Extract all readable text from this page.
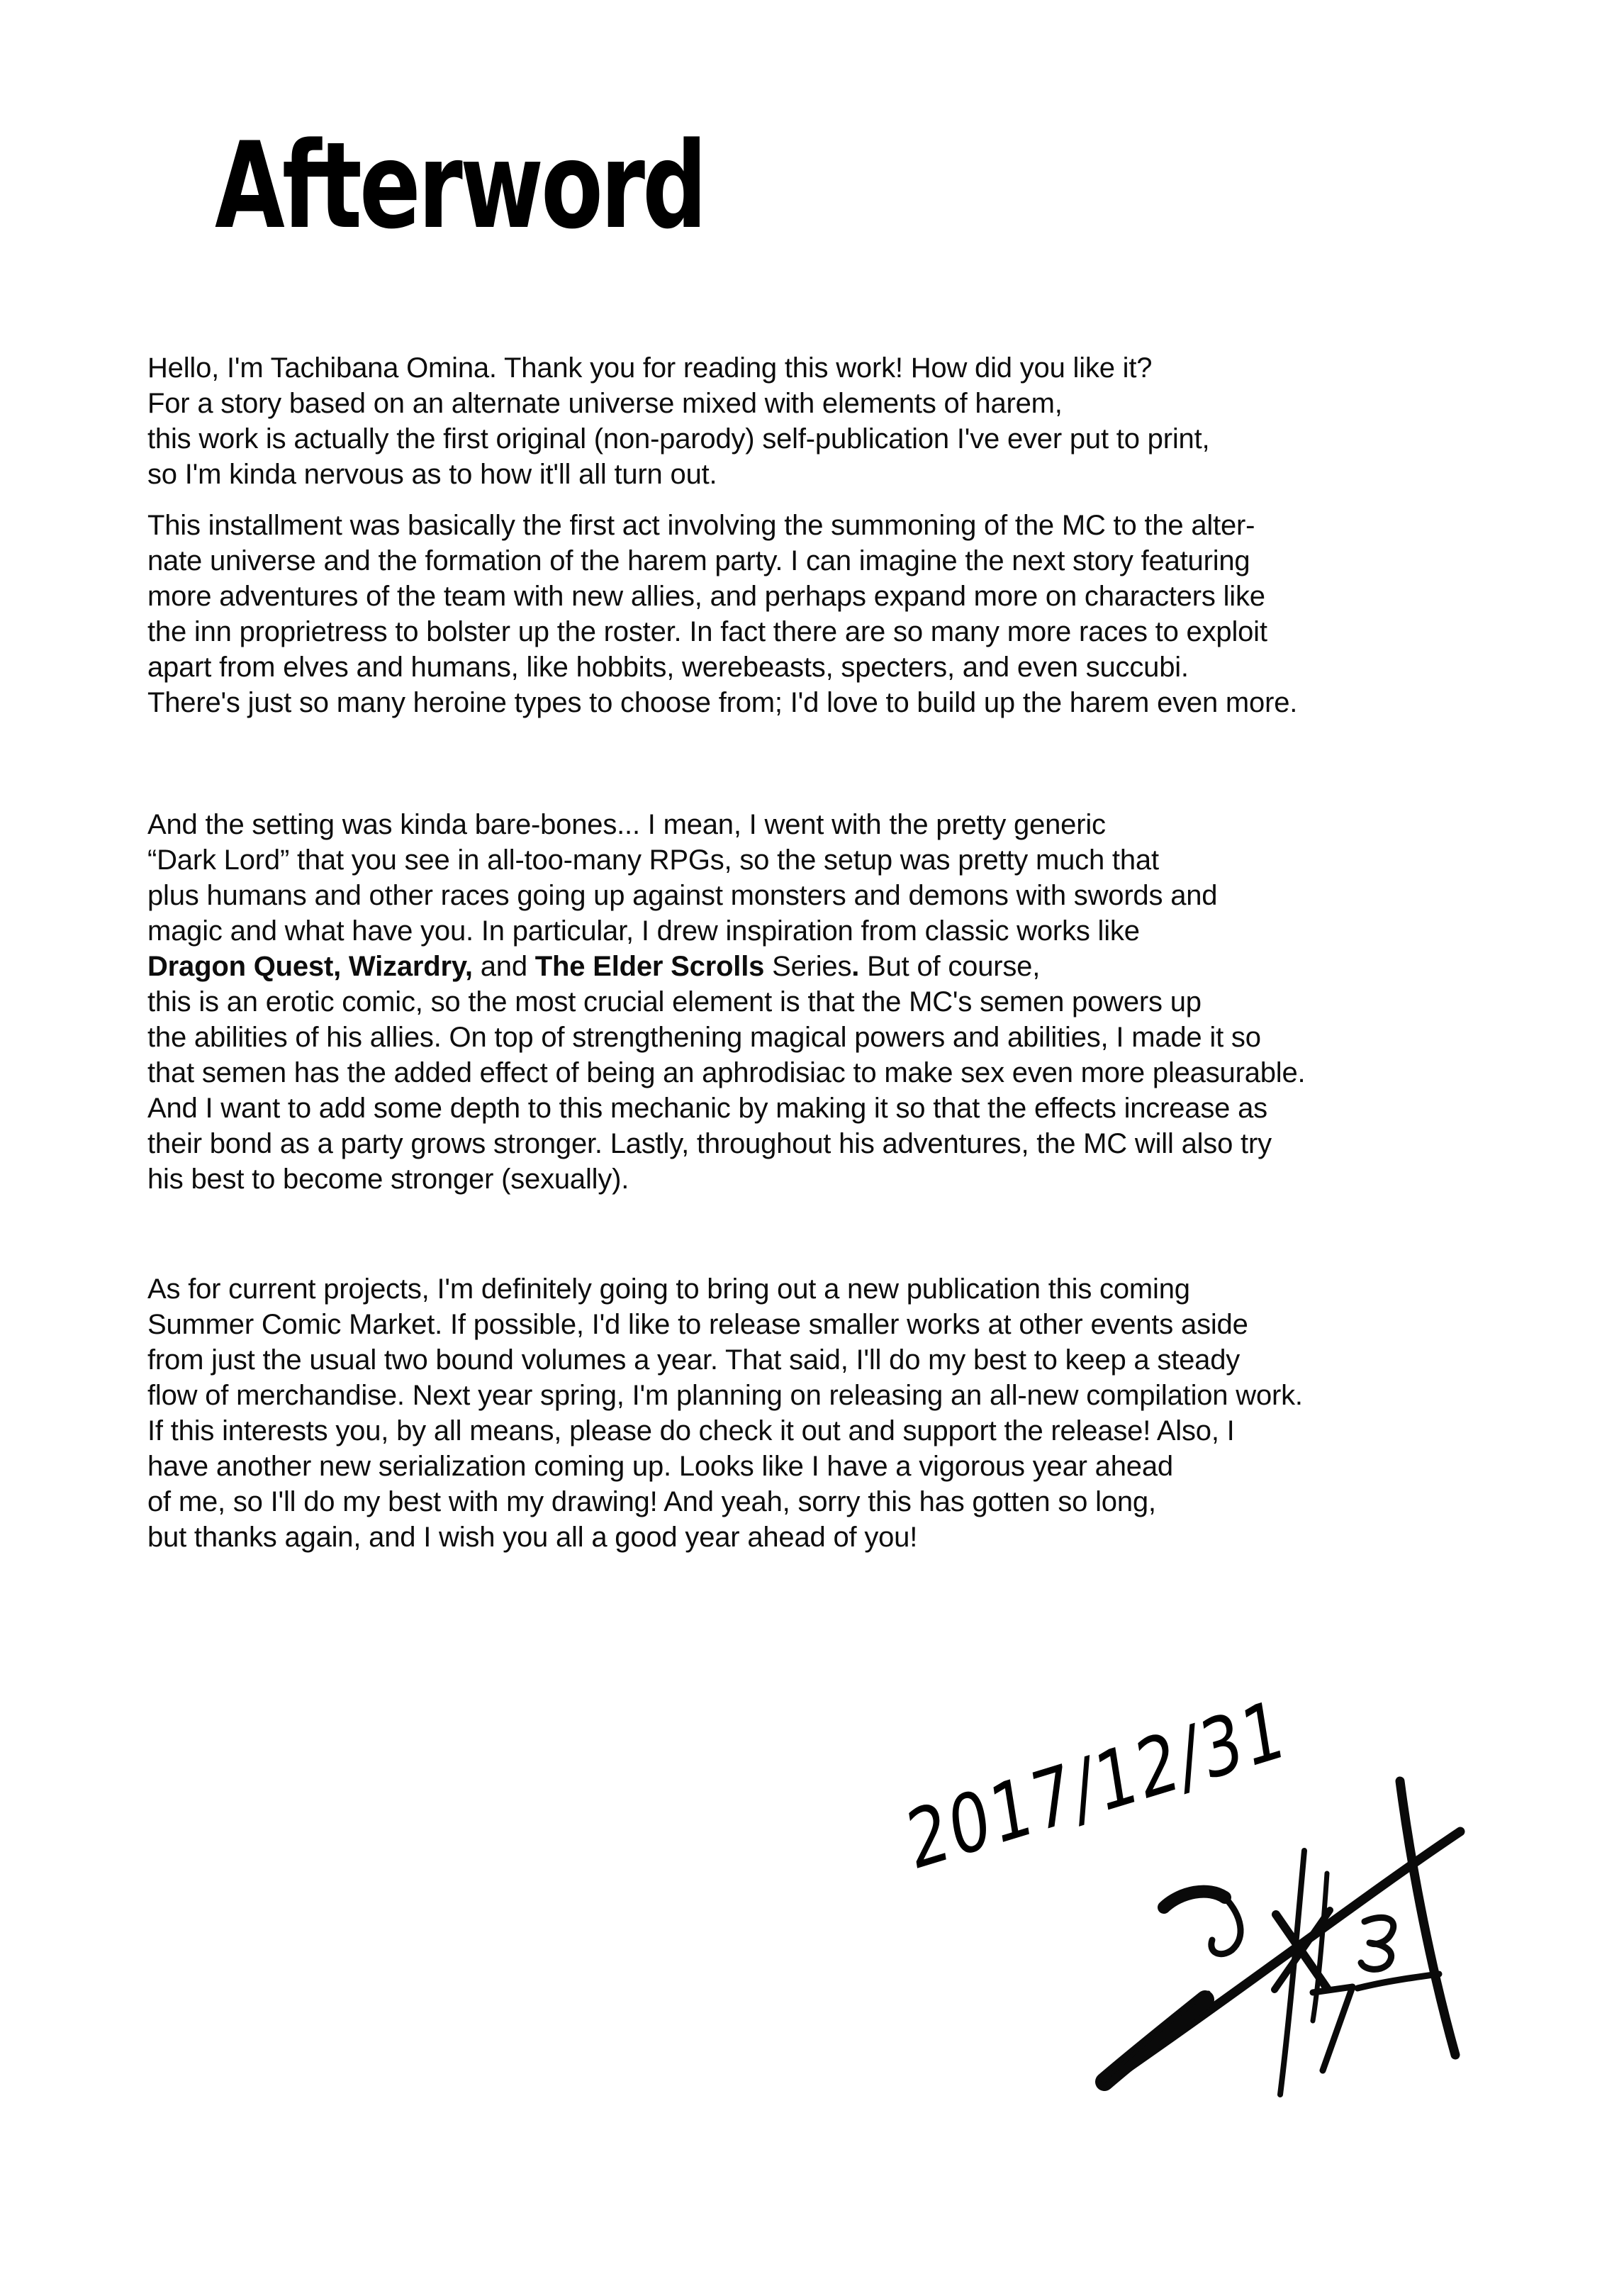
Afterword
Hello, I'm Tachibana Omina. Thank you for reading this work! How did you like it?
For a story based on an alternate universe mixed with elements of harem,
this work is actually the first original (non-parody) self-publication I've ever put to print,
so I'm kinda nervous as to how it'll all turn out.
This installment was basically the first act involving the summoning of the MC to the alter-
nate universe and the formation of the harem party. I can imagine the next story featuring
more adventures of the team with new allies, and perhaps expand more on characters like
the inn proprietress to bolster up the roster. In fact there are so many more races to exploit
apart from elves and humans, like hobbits, werebeasts, specters, and even succubi.
There's just so many heroine types to choose from; I'd love to build up the harem even more.
And the setting was kinda bare-bones... I mean, I went with the pretty generic
“Dark Lord” that you see in all-too-many RPGs, so the setup was pretty much that
plus humans and other races going up against monsters and demons with swords and
magic and what have you. In particular, I drew inspiration from classic works like
Dragon Quest, Wizardry, and The Elder Scrolls Series. But of course,
this is an erotic comic, so the most crucial element is that the MC's semen powers up
the abilities of his allies. On top of strengthening magical powers and abilities, I made it so
that semen has the added effect of being an aphrodisiac to make sex even more pleasurable.
And I want to add some depth to this mechanic by making it so that the effects increase as
their bond as a party grows stronger. Lastly, throughout his adventures, the MC will also try
his best to become stronger (sexually).
As for current projects, I'm definitely going to bring out a new publication this coming
Summer Comic Market. If possible, I'd like to release smaller works at other events aside
from just the usual two bound volumes a year. That said, I'll do my best to keep a steady
flow of merchandise. Next year spring, I'm planning on releasing an all-new compilation work.
If this interests you, by all means, please do check it out and support the release! Also, I
have another new serialization coming up. Looks like I have a vigorous year ahead
of me, so I'll do my best with my drawing! And yeah, sorry this has gotten so long,
but thanks again, and I wish you all a good year ahead of you!

2017/12/31
